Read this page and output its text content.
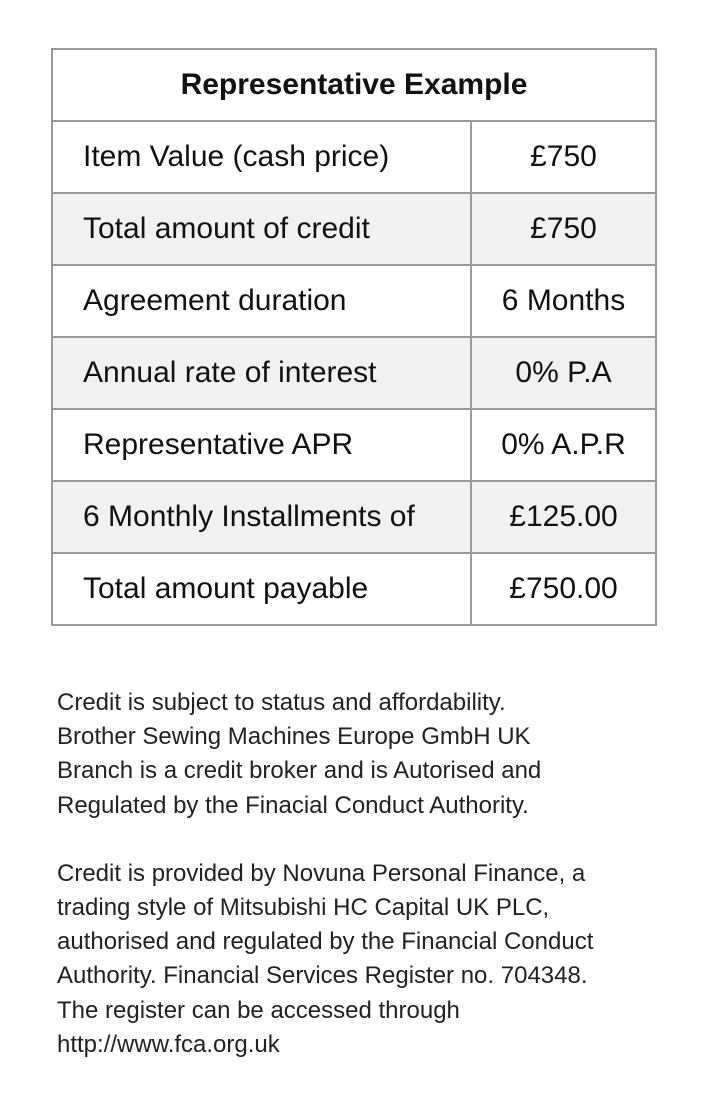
Representative Example	
Item Value (cash price)	£750
Total amount of credit	£750
Agreement duration	6 Months
Annual rate of interest	0% P.A
Representative APR	0% A.P.R
6 Monthly Installments of	£125.00
Total amount payable	£750.00

Credit is subject to status and affordability.
Brother Sewing Machines Europe GmbH UK
Branch is a credit broker and is Autorised and
Regulated by the Finacial Conduct Authority.

Credit is provided by Novuna Personal Finance, a
trading style of Mitsubishi HC Capital UK PLC,
authorised and regulated by the Financial Conduct
Authority. Financial Services Register no. 704348.
The register can be accessed through
http://www.fca.org.uk
